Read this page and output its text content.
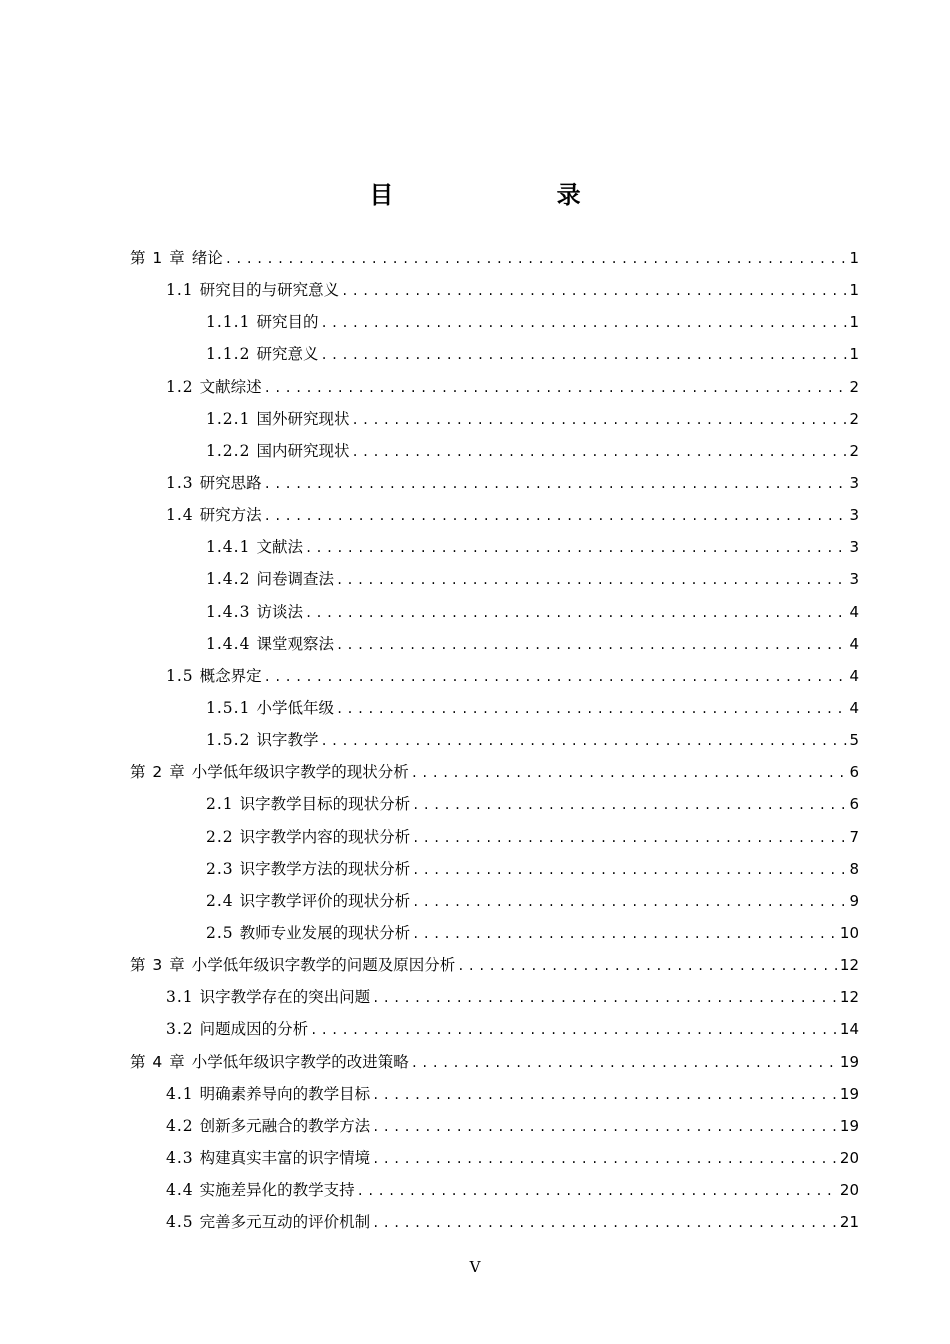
目　　录
第 1 章 绪论 .....	1
1.1 研究目的与研究意义 .....	1
1.1.1 研究目的 .....	1
1.1.2 研究意义 .....	1
1.2 文献综述 .....	2
1.2.1 国外研究现状 .....	2
1.2.2 国内研究现状 .....	2
1.3 研究思路 .....	3
1.4 研究方法 .....	3
1.4.1 文献法 .....	3
1.4.2 问卷调查法 .....	3
1.4.3 访谈法 .....	4
1.4.4 课堂观察法 .....	4
1.5 概念界定 .....	4
1.5.1 小学低年级 .....	4
1.5.2 识字教学 .....	5
第 2 章 小学低年级识字教学的现状分析 .....	6
2.1 识字教学目标的现状分析 .....	6
2.2 识字教学内容的现状分析 .....	7
2.3 识字教学方法的现状分析 .....	8
2.4 识字教学评价的现状分析 .....	9
2.5 教师专业发展的现状分析 .....	10
第 3 章 小学低年级识字教学的问题及原因分析 .....	12
3.1 识字教学存在的突出问题 .....	12
3.2 问题成因的分析 .....	14
第 4 章 小学低年级识字教学的改进策略 .....	19
4.1 明确素养导向的教学目标 .....	19
4.2 创新多元融合的教学方法 .....	19
4.3 构建真实丰富的识字情境 .....	20
4.4 实施差异化的教学支持 .....	20
4.5 完善多元互动的评价机制 .....	21
V
